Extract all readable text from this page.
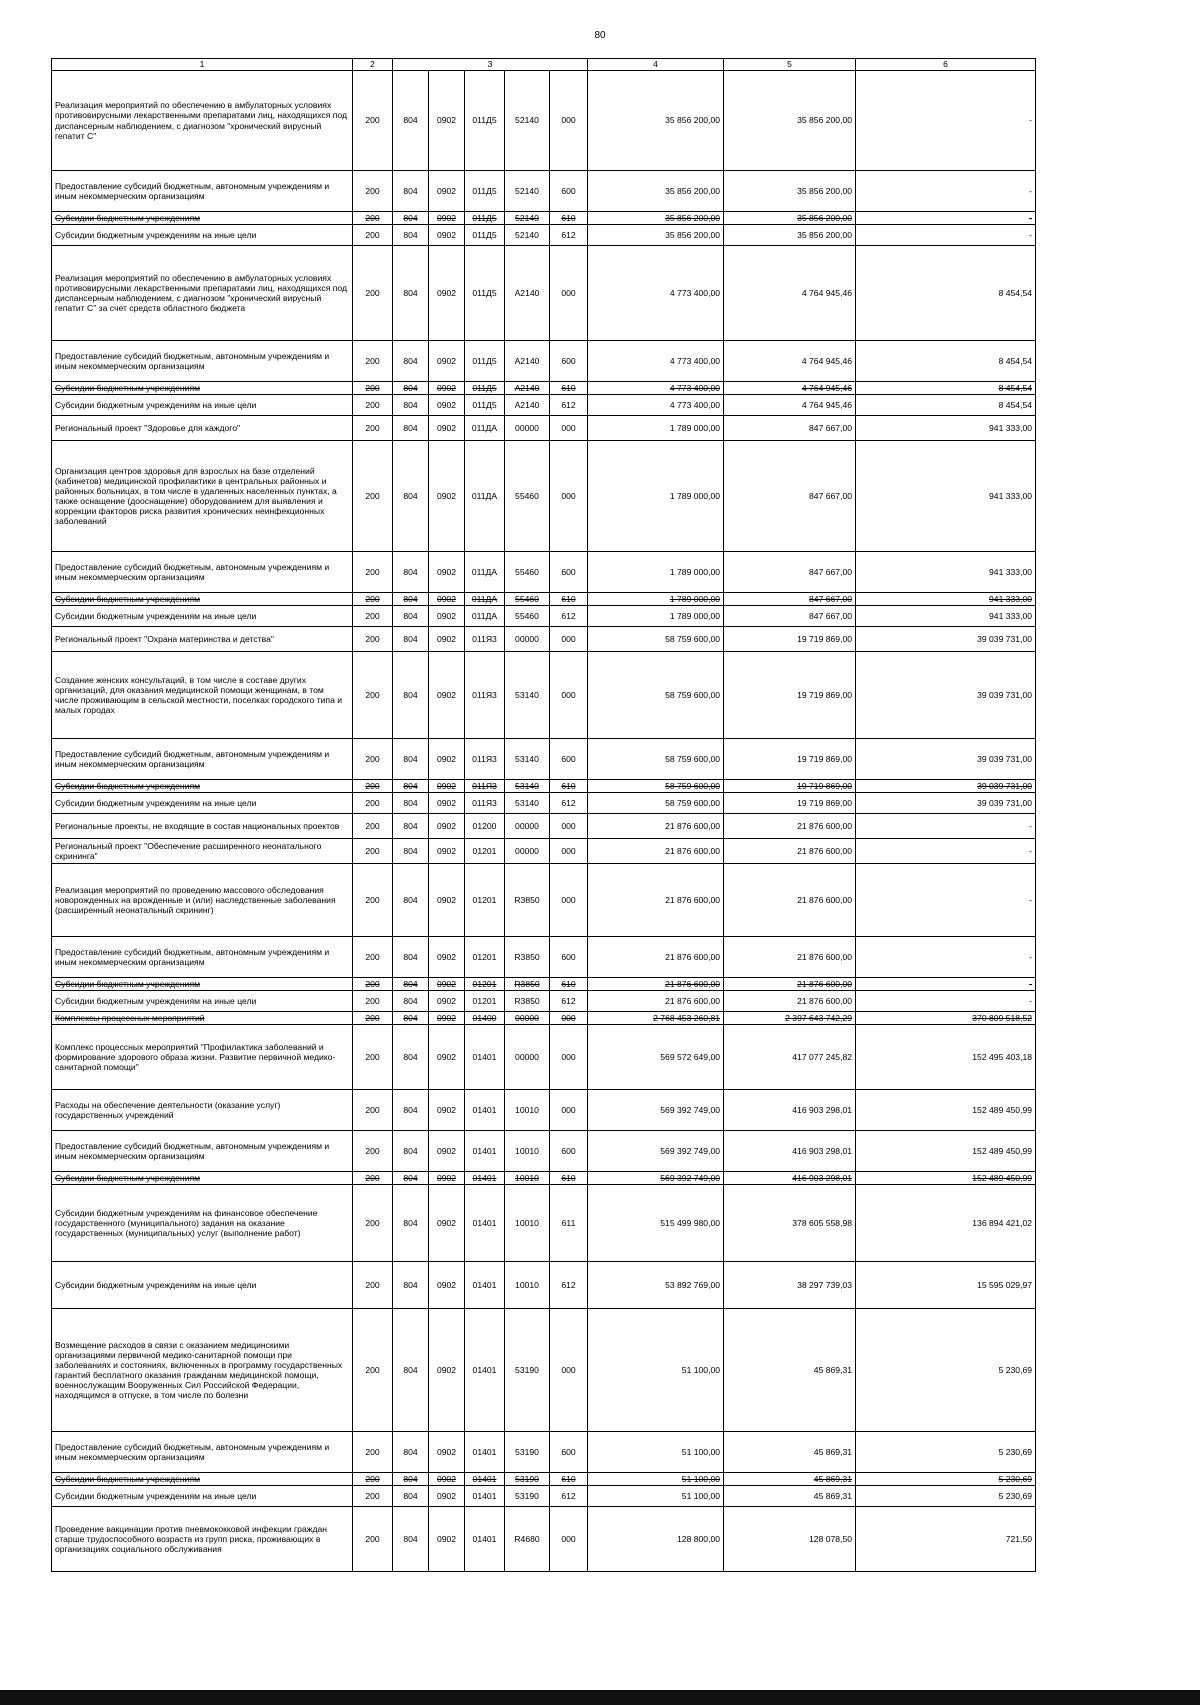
80
1	2	3					4	5	6
Реализация мероприятий по обеспечению в амбулаторных условиях противовирусными лекарственными препаратами лиц, находящихся под диспансерным наблюдением, с диагнозом "хронический вирусный гепатит С"	200	804	0902	011Д5	52140	000	35 856 200,00	35 856 200,00	-
Предоставление субсидий бюджетным, автономным учреждениям и иным некоммерческим организациям	200	804	0902	011Д5	52140	600	35 856 200,00	35 856 200,00	-
Субсидии бюджетным учреждениям	200	804	0902	011Д5	52140	610	35 856 200,00	35 856 200,00	-
Субсидии бюджетным учреждениям на иные цели	200	804	0902	011Д5	52140	612	35 856 200,00	35 856 200,00	-
Реализация мероприятий по обеспечению в амбулаторных условиях противовирусными лекарственными препаратами лиц, находящихся под диспансерным наблюдением, с диагнозом "хронический вирусный гепатит С" за счет средств областного бюджета	200	804	0902	011Д5	А2140	000	4 773 400,00	4 764 945,46	8 454,54
Предоставление субсидий бюджетным, автономным учреждениям и иным некоммерческим организациям	200	804	0902	011Д5	А2140	600	4 773 400,00	4 764 945,46	8 454,54
Субсидии бюджетным учреждениям	200	804	0902	011Д5	А2140	610	4 773 400,00	4 764 945,46	8 454,54
Субсидии бюджетным учреждениям на иные цели	200	804	0902	011Д5	А2140	612	4 773 400,00	4 764 945,46	8 454,54
Региональный проект "Здоровье для каждого"	200	804	0902	011ДА	00000	000	1 789 000,00	847 667,00	941 333,00
Организация центров здоровья для взрослых на базе отделений (кабинетов) медицинской профилактики в центральных районных и районных больницах, в том числе в удаленных населенных пунктах, а также оснащение (дооснащение) оборудованием для выявления и коррекции факторов риска развития хронических неинфекционных заболеваний	200	804	0902	011ДА	55460	000	1 789 000,00	847 667,00	941 333,00
Предоставление субсидий бюджетным, автономным учреждениям и иным некоммерческим организациям	200	804	0902	011ДА	55460	600	1 789 000,00	847 667,00	941 333,00
Субсидии бюджетным учреждениям	200	804	0902	011ДА	55460	610	1 789 000,00	847 667,00	941 333,00
Субсидии бюджетным учреждениям на иные цели	200	804	0902	011ДА	55460	612	1 789 000,00	847 667,00	941 333,00
Региональный проект "Охрана материнства и детства"	200	804	0902	011Я3	00000	000	58 759 600,00	19 719 869,00	39 039 731,00
Создание женских консультаций, в том числе в составе других организаций, для оказания медицинской помощи женщинам, в том числе проживающим в сельской местности, поселках городского типа и малых городах	200	804	0902	011Я3	53140	000	58 759 600,00	19 719 869,00	39 039 731,00
Предоставление субсидий бюджетным, автономным учреждениям и иным некоммерческим организациям	200	804	0902	011Я3	53140	600	58 759 600,00	19 719 869,00	39 039 731,00
Субсидии бюджетным учреждениям	200	804	0902	011Я3	53140	610	58 759 600,00	19 719 869,00	39 039 731,00
Субсидии бюджетным учреждениям на иные цели	200	804	0902	011Я3	53140	612	58 759 600,00	19 719 869,00	39 039 731,00
Региональные проекты, не входящие в состав национальных проектов	200	804	0902	01200	00000	000	21 876 600,00	21 876 600,00	-
Региональный проект "Обеспечение расширенного неонатального скрининга"	200	804	0902	01201	00000	000	21 876 600,00	21 876 600,00	-
Реализация мероприятий по проведению массового обследования новорожденных на врожденные и (или) наследственные заболевания (расширенный неонатальный скрининг)	200	804	0902	01201	R3850	000	21 876 600,00	21 876 600,00	-
Предоставление субсидий бюджетным, автономным учреждениям и иным некоммерческим организациям	200	804	0902	01201	R3850	600	21 876 600,00	21 876 600,00	-
Субсидии бюджетным учреждениям	200	804	0902	01201	R3850	610	21 876 600,00	21 876 600,00	-
Субсидии бюджетным учреждениям на иные цели	200	804	0902	01201	R3850	612	21 876 600,00	21 876 600,00	-
Комплексы процессных мероприятий	200	804	0902	01400	00000	000	2 768 453 260,81	2 397 643 742,29	370 809 518,52
Комплекс процессных мероприятий "Профилактика заболеваний и формирование здорового образа жизни. Развитие первичной медико-санитарной помощи"	200	804	0902	01401	00000	000	569 572 649,00	417 077 245,82	152 495 403,18
Расходы на обеспечение деятельности (оказание услуг) государственных учреждений	200	804	0902	01401	10010	000	569 392 749,00	416 903 298,01	152 489 450,99
Предоставление субсидий бюджетным, автономным учреждениям и иным некоммерческим организациям	200	804	0902	01401	10010	600	569 392 749,00	416 903 298,01	152 489 450,99
Субсидии бюджетным учреждениям	200	804	0902	01401	10010	610	569 392 749,00	416 903 298,01	152 489 450,99
Субсидии бюджетным учреждениям на финансовое обеспечение государственного (муниципального) задания на оказание государственных (муниципальных) услуг (выполнение работ)	200	804	0902	01401	10010	611	515 499 980,00	378 605 558,98	136 894 421,02
Субсидии бюджетным учреждениям на иные цели	200	804	0902	01401	10010	612	53 892 769,00	38 297 739,03	15 595 029,97
Возмещение расходов в связи с оказанием медицинскими организациями первичной медико-санитарной помощи при заболеваниях и состояниях, включенных в программу государственных гарантий бесплатного оказания гражданам медицинской помощи, военнослужащим Вооруженных Сил Российской Федерации, находящимся в отпуске, в том числе по болезни	200	804	0902	01401	53190	000	51 100,00	45 869,31	5 230,69
Предоставление субсидий бюджетным, автономным учреждениям и иным некоммерческим организациям	200	804	0902	01401	53190	600	51 100,00	45 869,31	5 230,69
Субсидии бюджетным учреждениям	200	804	0902	01401	53190	610	51 100,00	45 869,31	5 230,69
Субсидии бюджетным учреждениям на иные цели	200	804	0902	01401	53190	612	51 100,00	45 869,31	5 230,69
Проведение вакцинации против пневмококковой инфекции граждан старше трудоспособного возраста из групп риска, проживающих в организациях социального обслуживания	200	804	0902	01401	R4680	000	128 800,00	128 078,50	721,50
